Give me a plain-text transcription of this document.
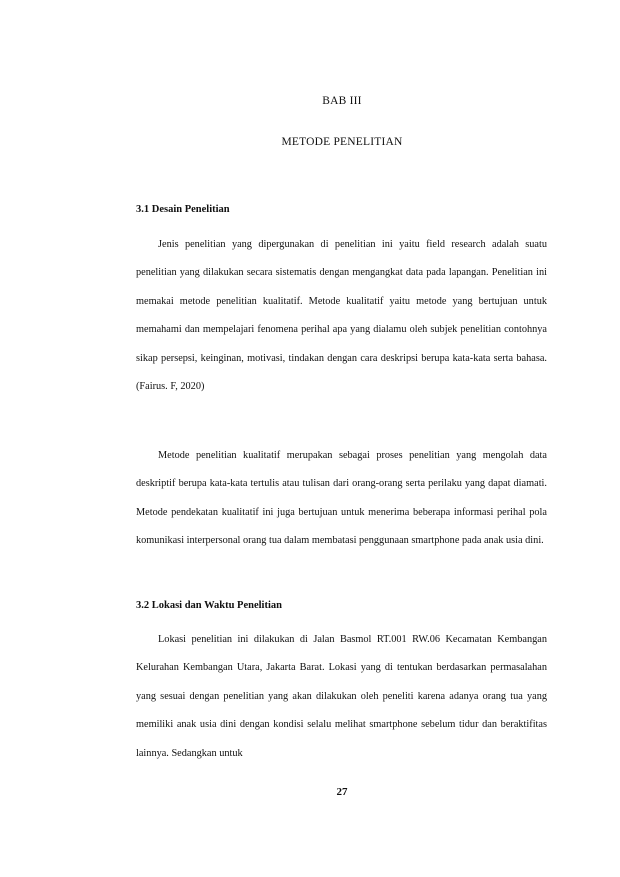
BAB III
METODE PENELITIAN
3.1 Desain Penelitian

Jenis penelitian yang dipergunakan di penelitian ini yaitu field research adalah suatu penelitian yang dilakukan secara sistematis dengan mengangkat data pada lapangan. Penelitian ini memakai metode penelitian kualitatif. Metode kualitatif yaitu metode yang bertujuan untuk memahami dan mempelajari fenomena perihal apa yang dialamu oleh subjek penelitian contohnya sikap persepsi, keinginan, motivasi, tindakan dengan cara deskripsi berupa kata-kata serta bahasa.(Fairus. F, 2020)

Metode penelitian kualitatif merupakan sebagai proses penelitian yang mengolah data deskriptif berupa kata-kata tertulis atau tulisan dari orang-orang serta perilaku yang dapat diamati. Metode pendekatan kualitatif ini juga bertujuan untuk menerima beberapa informasi perihal pola komunikasi interpersonal orang tua dalam membatasi penggunaan smartphone pada anak usia dini.

3.2 Lokasi dan Waktu Penelitian

Lokasi penelitian ini dilakukan di Jalan Basmol RT.001 RW.06 Kecamatan Kembangan Kelurahan Kembangan Utara, Jakarta Barat. Lokasi yang di tentukan berdasarkan permasalahan yang sesuai dengan penelitian yang akan dilakukan oleh peneliti karena adanya orang tua yang memiliki anak usia dini dengan kondisi selalu melihat smartphone sebelum tidur dan beraktifitas lainnya. Sedangkan untuk

27
